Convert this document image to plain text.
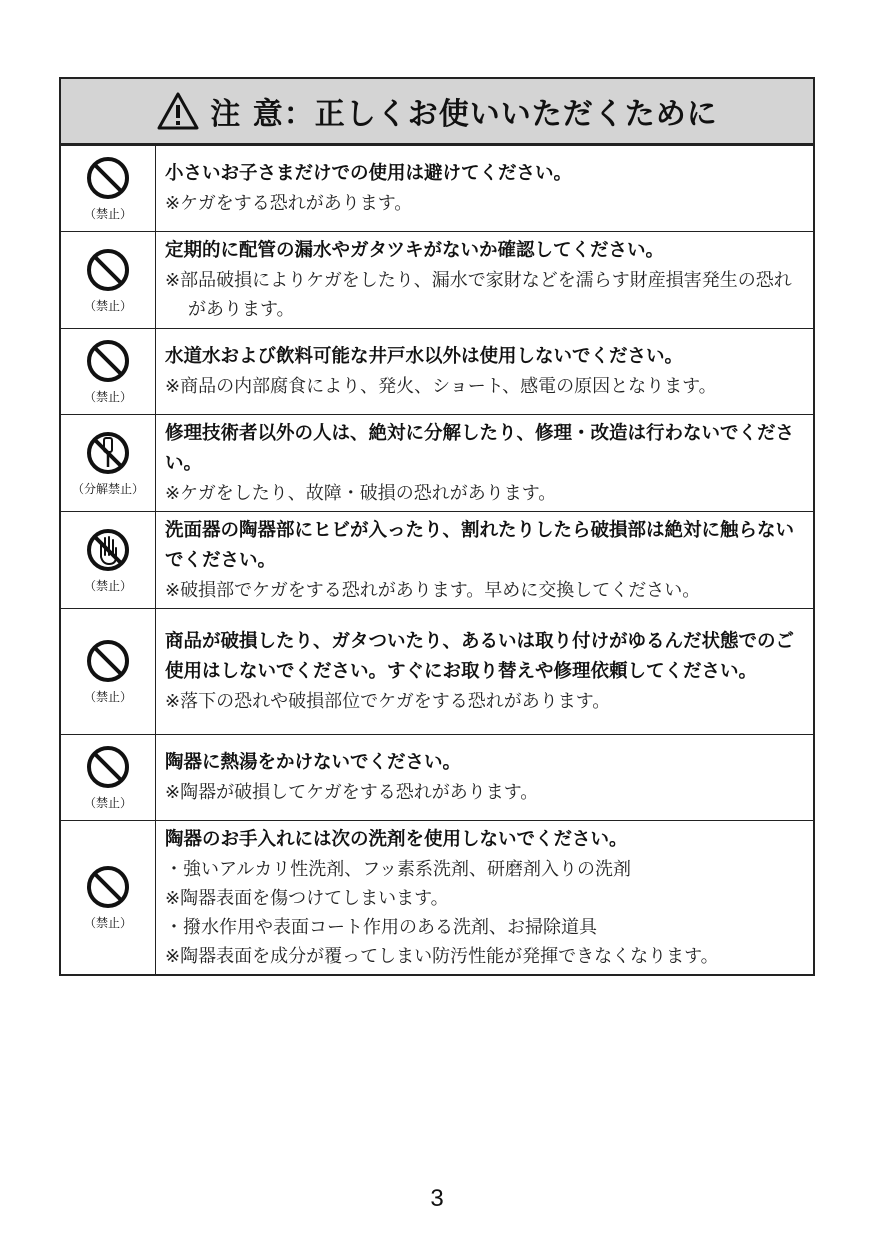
注 意：正しくお使いいただくために
（禁止）

小さいお子さまだけでの使用は避けてください。

※ケガをする恐れがあります。

（禁止）

定期的に配管の漏水やガタツキがないか確認してください。

※部品破損によりケガをしたり、漏水で家財などを濡らす財産損害発生の恐れがあります。

（禁止）

水道水および飲料可能な井戸水以外は使用しないでください。

※商品の内部腐食により、発火、ショート、感電の原因となります。

（分解禁止）

修理技術者以外の人は、絶対に分解したり、修理・改造は行わないでください。

※ケガをしたり、故障・破損の恐れがあります。

（禁止）

洗面器の陶器部にヒビが入ったり、割れたりしたら破損部は絶対に触らないでください。

※破損部でケガをする恐れがあります。早めに交換してください。

（禁止）

商品が破損したり、ガタついたり、あるいは取り付けがゆるんだ状態でのご使用はしないでください。すぐにお取り替えや修理依頼してください。

※落下の恐れや破損部位でケガをする恐れがあります。

（禁止）

陶器に熱湯をかけないでください。

※陶器が破損してケガをする恐れがあります。

（禁止）

陶器のお手入れには次の洗剤を使用しないでください。

・強いアルカリ性洗剤、フッ素系洗剤、研磨剤入りの洗剤

※陶器表面を傷つけてしまいます。

・撥水作用や表面コート作用のある洗剤、お掃除道具

※陶器表面を成分が覆ってしまい防汚性能が発揮できなくなります。

3
